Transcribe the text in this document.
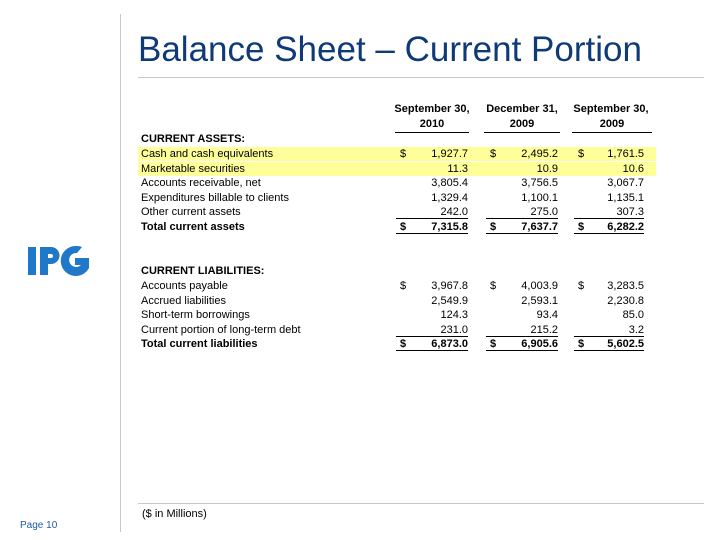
Balance Sheet – Current Portion
September 30,
2010
December 31,
2009
September 30,
2009
CURRENT ASSETS:
Cash and cash equivalents	$	1,927.7 $	2,495.2 $	1,761.5
Marketable securities	11.3	10.9	10.6
Accounts receivable, net	3,805.4	3,756.5	3,067.7
Expenditures billable to clients	1,329.4	1,100.1	1,135.1
Other current assets	242.0	275.0	307.3
Total current assets	$	7,315.8 $	7,637.7 $	6,282.2
CURRENT LIABILITIES:
Accounts payable	$	3,967.8 $	4,003.9 $	3,283.5
Accrued liabilities	2,549.9	2,593.1	2,230.8
Short-term borrowings	124.3	93.4	85.0
Current portion of long-term debt	231.0	215.2	3.2
Total current liabilities	$	6,873.0 $	6,905.6 $	5,602.5
($ in Millions)
Page 10
